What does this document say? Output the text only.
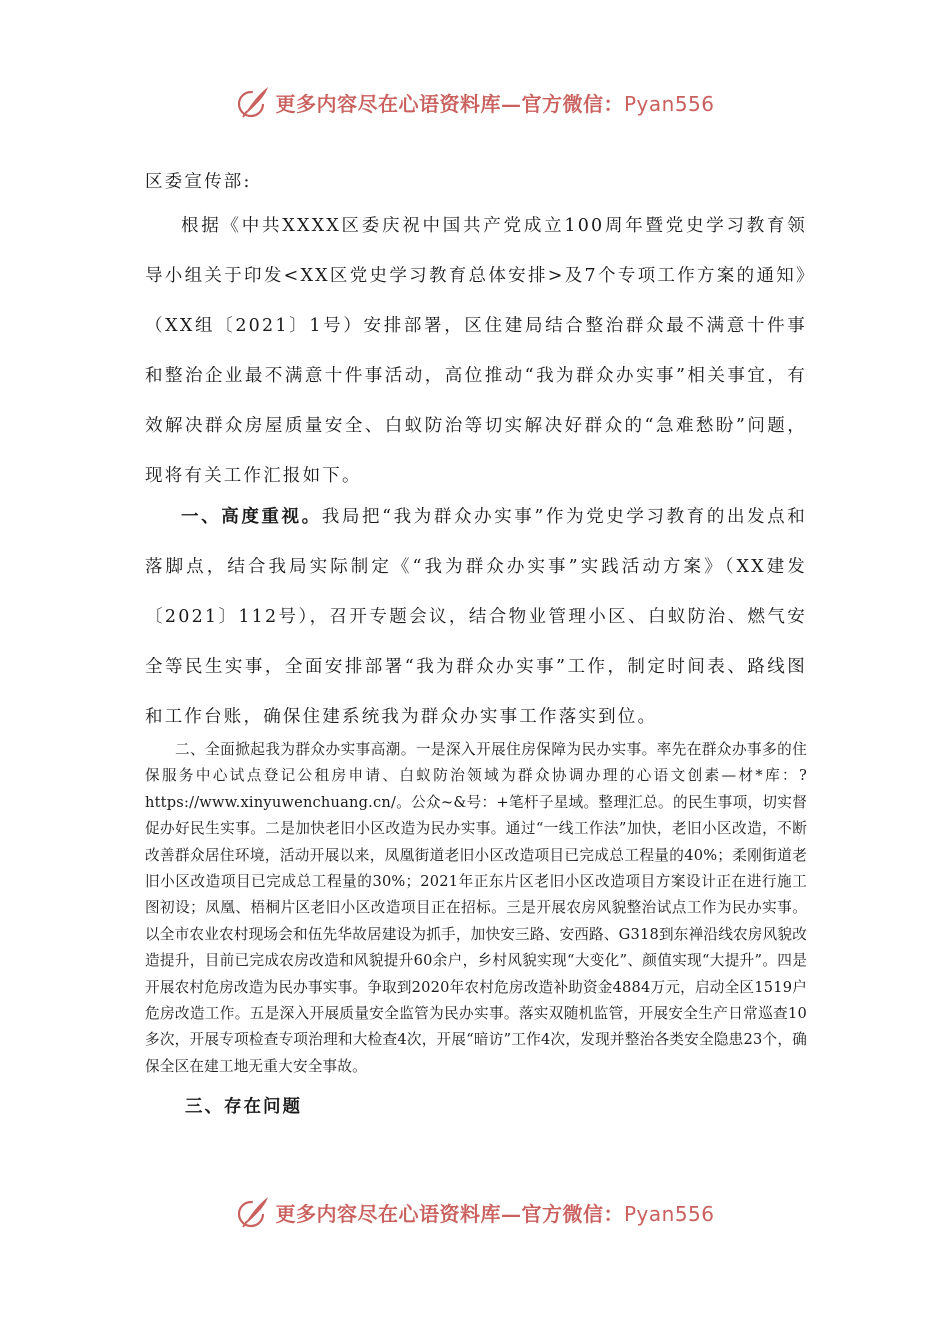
更多内容尽在心语资料库—官方微信：Pyan556

区委宣传部:

根据《中共XXXX区委庆祝中国共产党成立100周年暨党史学习教育领导小组关于印发<XX区党史学习教育总体安排>及7个专项工作方案的通知》（XX组〔2021〕1号）安排部署，区住建局结合整治群众最不满意十件事和整治企业最不满意十件事活动，高位推动“我为群众办实事”相关事宜，有效解决群众房屋质量安全、白蚁防治等切实解决好群众的“急难愁盼”问题，现将有关工作汇报如下。

一、高度重视。我局把“我为群众办实事”作为党史学习教育的出发点和落脚点，结合我局实际制定《“我为群众办实事”实践活动方案》（XX建发〔2021〕112号），召开专题会议，结合物业管理小区、白蚁防治、燃气安全等民生实事，全面安排部署“我为群众办实事”工作，制定时间表、路线图和工作台账，确保住建系统我为群众办实事工作落实到位。

二、全面掀起我为群众办实事高潮。一是深入开展住房保障为民办实事。率先在群众办事多的住保服务中心试点登记公租房申请、白蚁防治领域为群众协调办理的心语文创素—材*库：?https://www.xinyuwenchuang.cn/。公众~&号：+笔杆子星域。整理汇总。的民生事项，切实督促办好民生实事。二是加快老旧小区改造为民办实事。通过“一线工作法”加快，老旧小区改造，不断改善群众居住环境，活动开展以来，凤凰街道老旧小区改造项目已完成总工程量的40%；柔刚街道老旧小区改造项目已完成总工程量的30%；2021年正东片区老旧小区改造项目方案设计正在进行施工图初设；凤凰、梧桐片区老旧小区改造项目正在招标。三是开展农房风貌整治试点工作为民办实事。以全市农业农村现场会和伍先华故居建设为抓手，加快安三路、安西路、G318到东禅沿线农房风貌改造提升，目前已完成农房改造和风貌提升60余户，乡村风貌实现“大变化”、颜值实现“大提升”。四是开展农村危房改造为民办事实事。争取到2020年农村危房改造补助资金4884万元，启动全区1519户危房改造工作。五是深入开展质量安全监管为民办实事。落实双随机监管，开展安全生产日常巡查10多次，开展专项检查专项治理和大检查4次，开展“暗访”工作4次，发现并整治各类安全隐患23个，确保全区在建工地无重大安全事故。

三、存在问题

更多内容尽在心语资料库—官方微信：Pyan556
